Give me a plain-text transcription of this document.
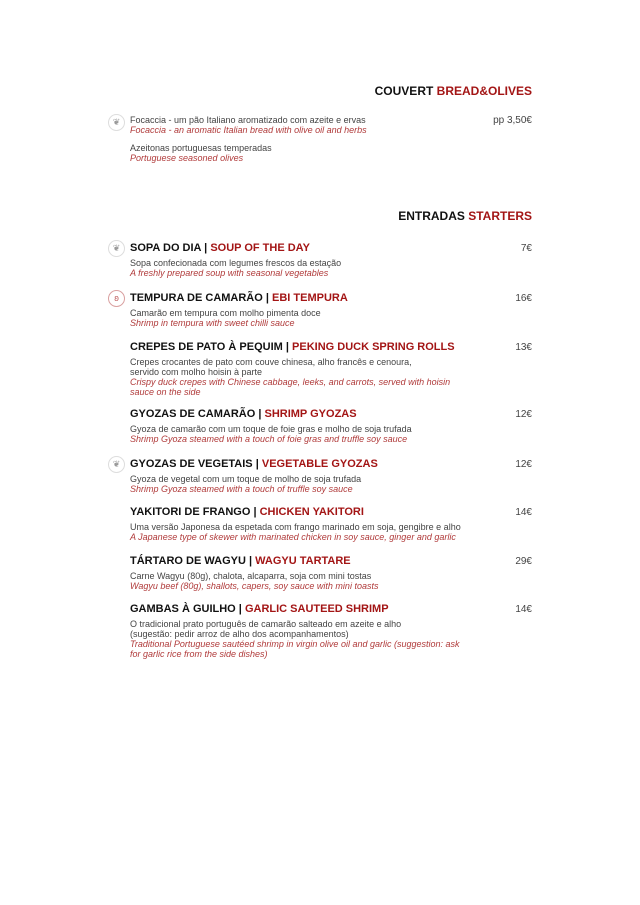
COUVERT BREAD&OLIVES
❦	Focaccia - um pão Italiano aromatizado com azeite e ervas
Focaccia - an aromatic Italian bread with olive oil and herbs
pp 3,50€
Azeitonas portuguesas temperadas
Portuguese seasoned olives
ENTRADAS STARTERS
❦ SOPA DO DIA | SOUP OF THE DAY	7€
Sopa confecionada com legumes frescos da estação
A freshly prepared soup with seasonal vegetables
ʚ	TEMPURA DE CAMARÃO | EBI TEMPURA	16€
Camarão em tempura com molho pimenta doce
Shrimp in tempura with sweet chilli sauce
CREPES DE PATO À PEQUIM | PEKING DUCK SPRING ROLLS	13€
Crepes crocantes de pato com couve chinesa, alho francês e cenoura, servido com molho hoisin à parte
Crispy duck crepes with Chinese cabbage, leeks, and carrots, served with hoisin sauce on the side
GYOZAS DE CAMARÃO | SHRIMP GYOZAS	12€
Gyoza de camarão com um toque de foie gras e molho de soja trufada
Shrimp Gyoza steamed with a touch of foie gras and truffle soy sauce
❦ GYOZAS DE VEGETAIS | VEGETABLE GYOZAS	12€
Gyoza de vegetal com um toque de molho de soja trufada
Shrimp Gyoza steamed with a touch of truffle soy sauce
YAKITORI DE FRANGO | CHICKEN YAKITORI	14€
Uma versão Japonesa da espetada com frango marinado em soja, gengibre e alho
A Japanese type of skewer with marinated chicken in soy sauce, ginger and garlic
TÁRTARO DE WAGYU | WAGYU TARTARE	29€
Carne Wagyu (80g), chalota, alcaparra, soja com mini tostas
Wagyu beef (80g), shallots, capers, soy sauce with mini toasts
GAMBAS À GUILHO | GARLIC SAUTEED SHRIMP	14€
O tradicional prato português de camarão salteado em azeite e alho (sugestão: pedir arroz de alho dos acompanhamentos)
Traditional Portuguese sautéed shrimp in virgin olive oil and garlic (suggestion: ask for garlic rice from the side dishes)
